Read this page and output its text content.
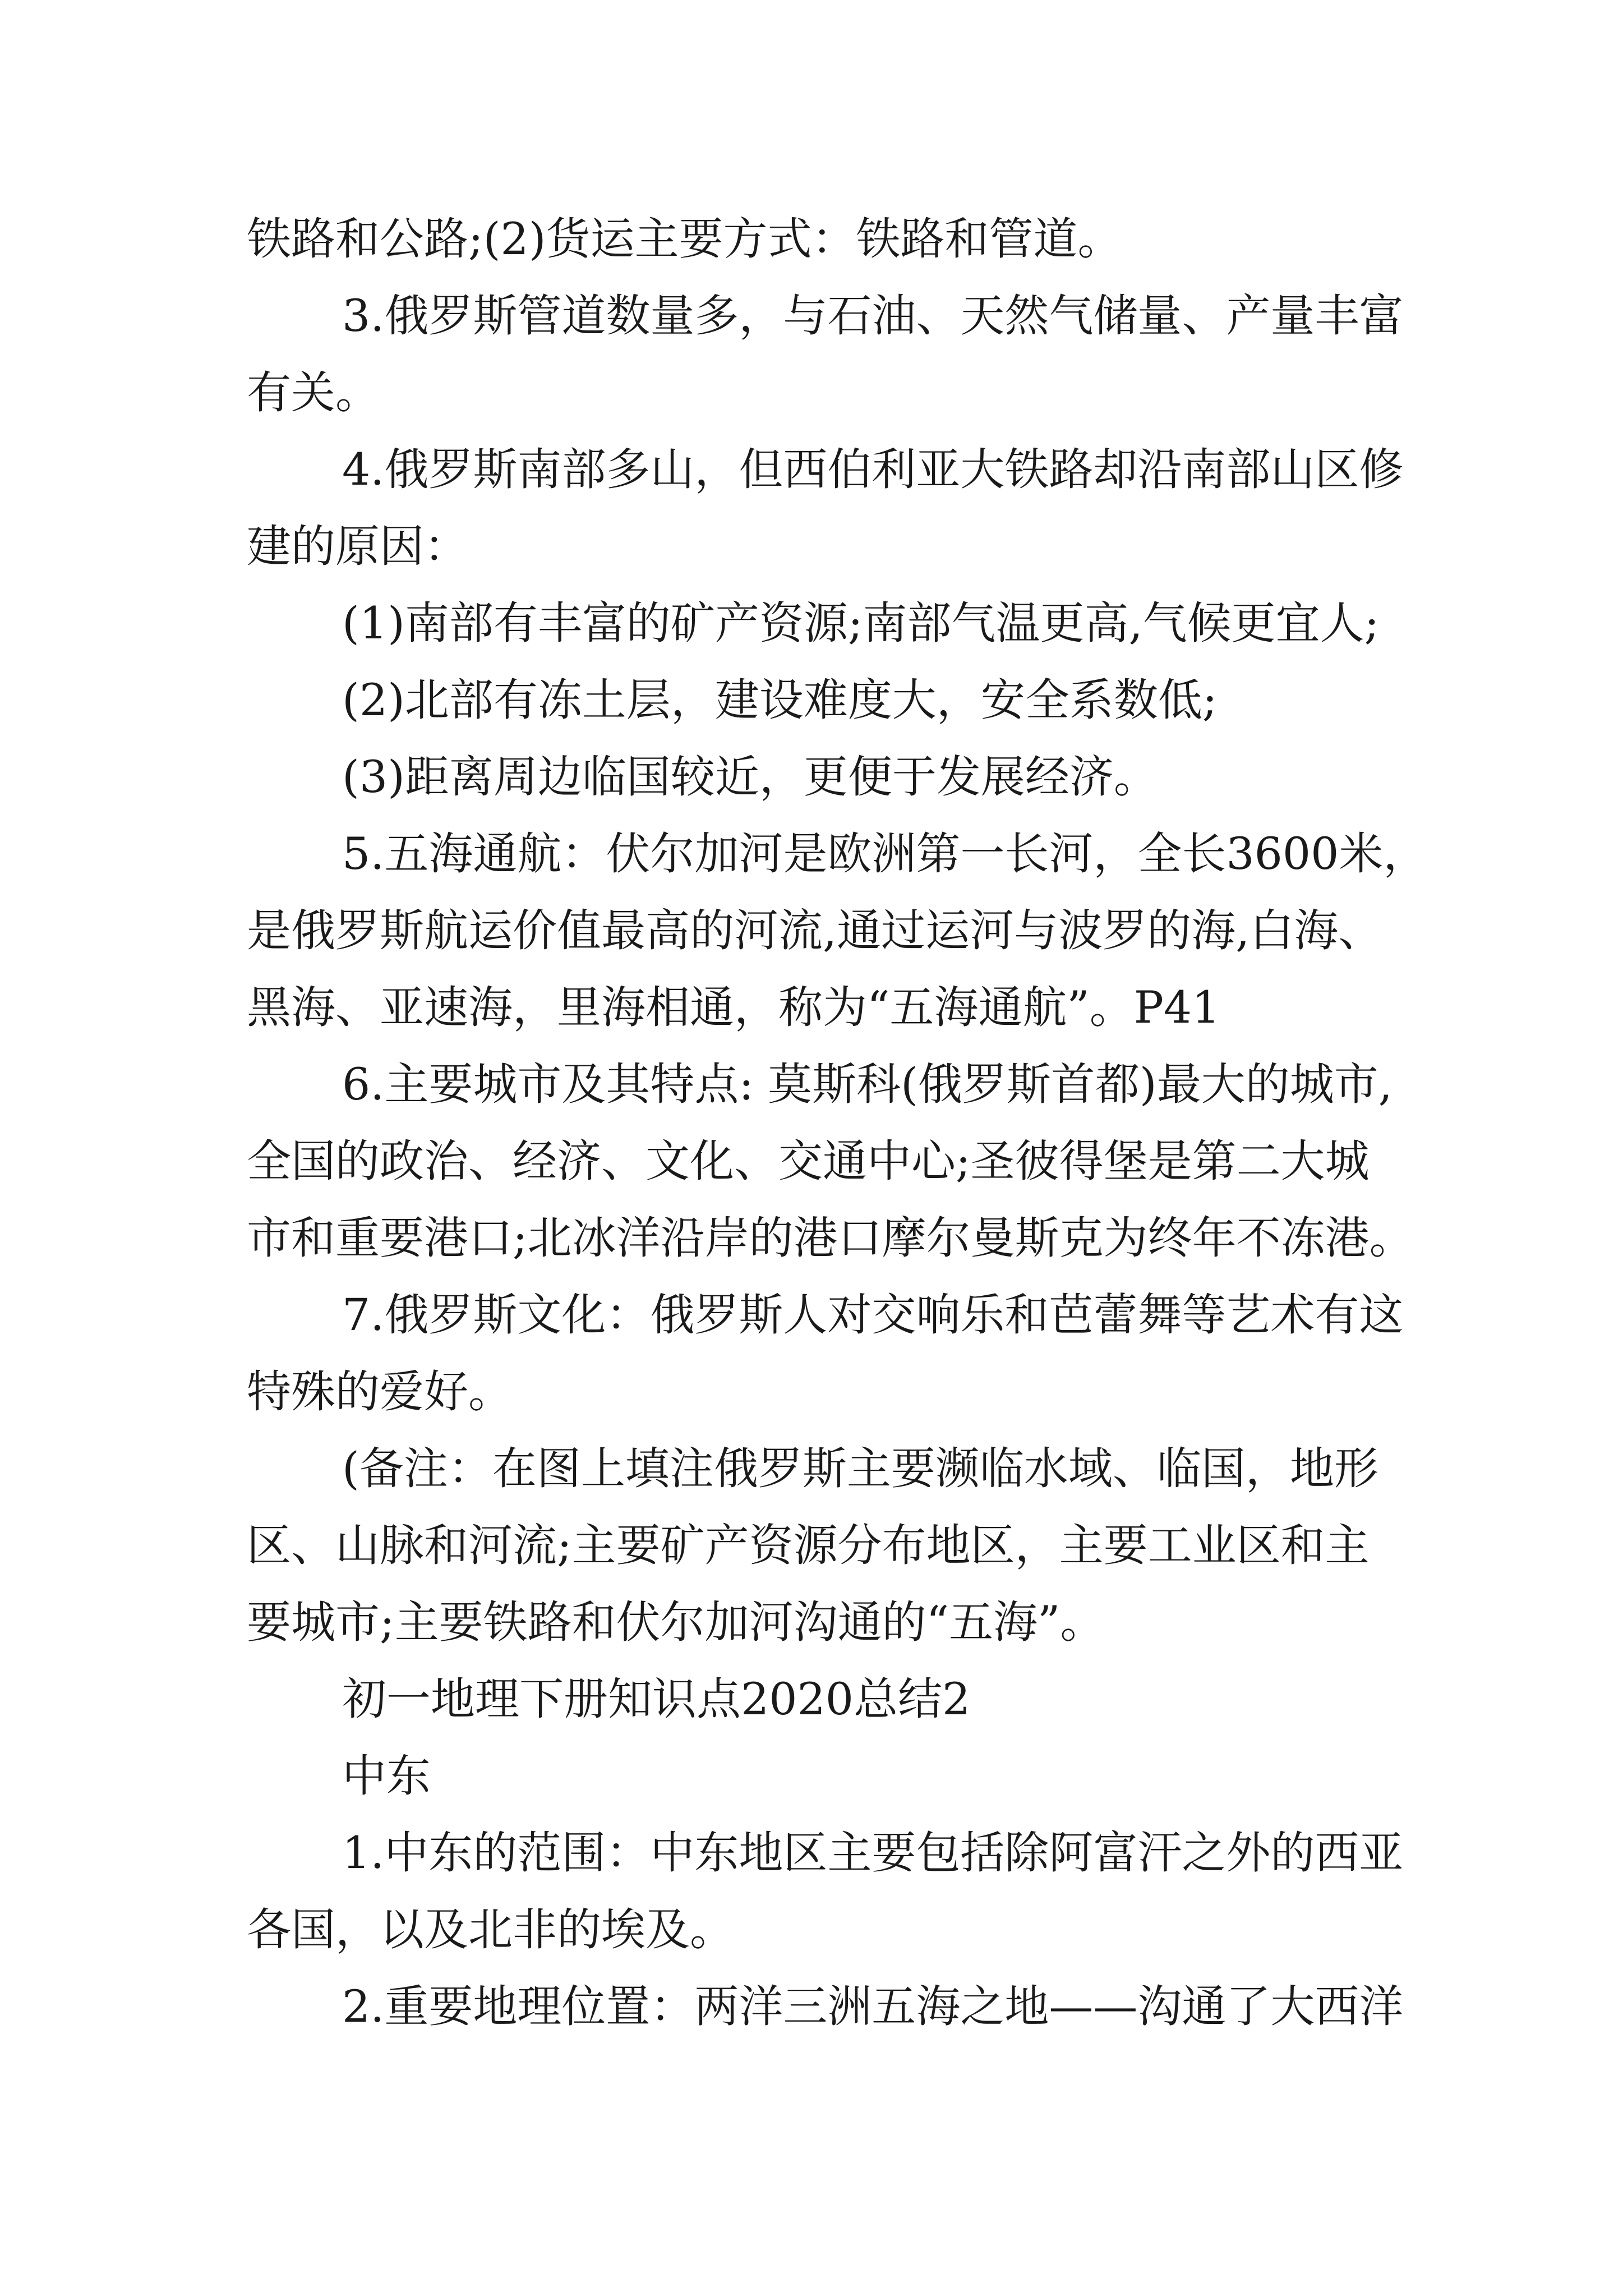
铁路和公路;(2)货运主要方式：铁路和管道。
3.俄罗斯管道数量多，与石油、天然气储量、产量丰富
有关。
4.俄罗斯南部多山，但西伯利亚大铁路却沿南部山区修
建的原因：
(1)南部有丰富的矿产资源;南部气温更高,气候更宜人;
(2)北部有冻土层，建设难度大，安全系数低;
(3)距离周边临国较近，更便于发展经济。
5.五海通航：伏尔加河是欧洲第一长河，全长3600米，
是俄罗斯航运价值最高的河流,通过运河与波罗的海,白海、
黑海、亚速海，里海相通，称为“五海通航”。P41
6.主要城市及其特点: 莫斯科(俄罗斯首都)最大的城市,
全国的政治、经济、文化、交通中心;圣彼得堡是第二大城
市和重要港口;北冰洋沿岸的港口摩尔曼斯克为终年不冻港。
7.俄罗斯文化：俄罗斯人对交响乐和芭蕾舞等艺术有这
特殊的爱好。
(备注：在图上填注俄罗斯主要濒临水域、临国，地形
区、山脉和河流;主要矿产资源分布地区，主要工业区和主
要城市;主要铁路和伏尔加河沟通的“五海”。
初一地理下册知识点2020总结2
中东
1.中东的范围：中东地区主要包括除阿富汗之外的西亚
各国，以及北非的埃及。
2.重要地理位置：两洋三洲五海之地——沟通了大西洋
